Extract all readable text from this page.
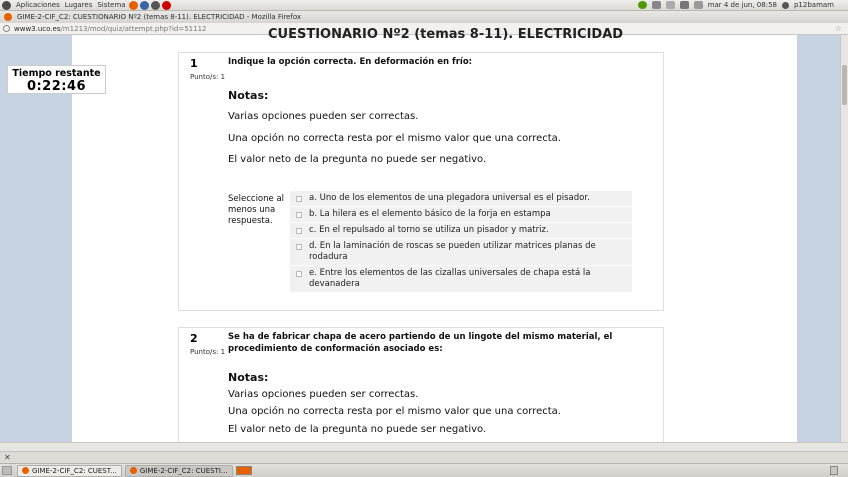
Aplicaciones Lugares Sistema	mar 4 de jun, 08:58 p12bamam
GIME-2-CIF_C2: CUESTIONARIO Nº2 (temas 8-11). ELECTRICIDAD - Mozilla Firefox
www3.uco.es /m1213/mod/quiz/attempt.php?id=51112	☆
CUESTIONARIO Nº2 (temas 8-11). ELECTRICIDAD
Tiempo restante
0:22:46
1
Punto/s: 1
Indique la opción correcta. En deformación en frío:
Notas:
Varias opciones pueden ser correctas.
Una opción no correcta resta por el mismo valor que una correcta.
El valor neto de la pregunta no puede ser negativo.
Seleccione al menos una respuesta.
a. Uno de los elementos de una plegadora universal es el pisador.
b. La hilera es el elemento básico de la forja en estampa
c. En el repulsado al torno se utiliza un pisador y matriz.
d. En la laminación de roscas se pueden utilizar matrices planas de rodadura
e. Entre los elementos de las cizallas universales de chapa está la devanadera
2
Punto/s: 1
Se ha de fabricar chapa de acero partiendo de un lingote del mismo material, el procedimiento de conformación asociado es:
Notas:
Varias opciones pueden ser correctas.
Una opción no correcta resta por el mismo valor que una correcta.
El valor neto de la pregunta no puede ser negativo.
✕
GIME-2-CIF_C2: CUEST...	GIME-2-CIF_C2: CUESTI...
